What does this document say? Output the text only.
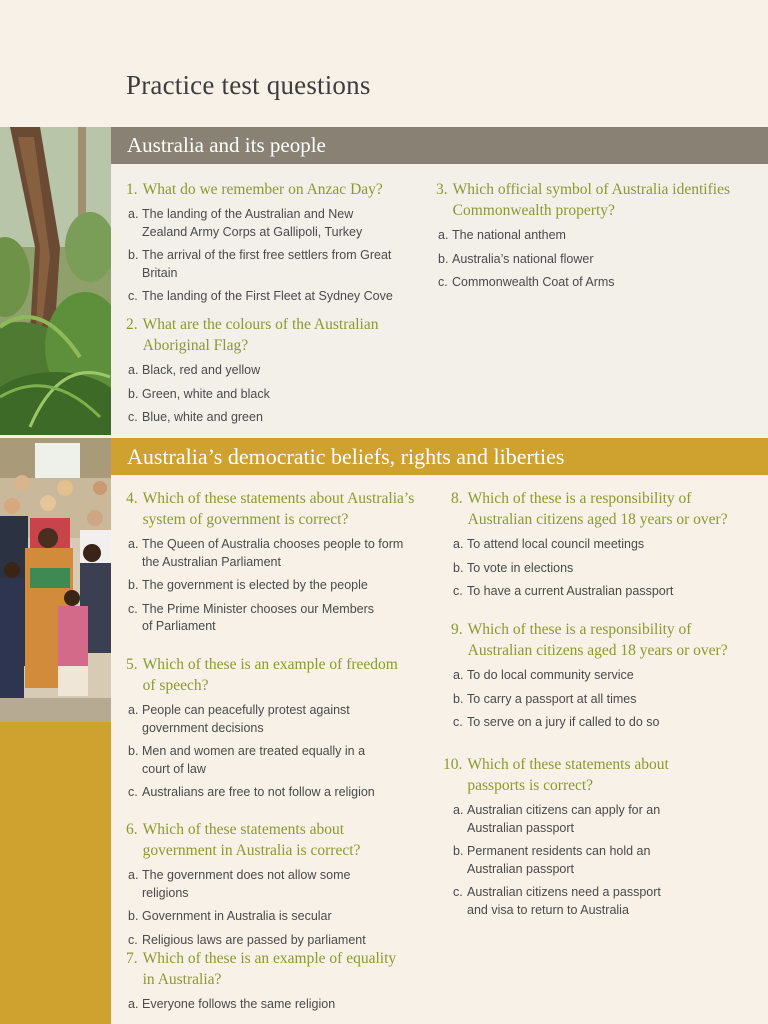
Practice test questions
Australia and its people
Australia’s democratic beliefs, rights and liberties
1. What do we remember on Anzac Day?
a. The landing of the Australian and New Zealand Army Corps at Gallipoli, Turkey
b. The arrival of the first free settlers from Great Britain
c. The landing of the First Fleet at Sydney Cove
2. What are the colours of the Australian Aboriginal Flag?
a. Black, red and yellow
b. Green, white and black
c. Blue, white and green
3. Which official symbol of Australia identifies Commonwealth property?
a. The national anthem
b. Australia’s national flower
c. Commonwealth Coat of Arms
4. Which of these statements about Australia’s system of government is correct?
a. The Queen of Australia chooses people to form the Australian Parliament
b. The government is elected by the people
c. The Prime Minister chooses our Members of Parliament
5. Which of these is an example of freedom of speech?
a. People can peacefully protest against government decisions
b. Men and women are treated equally in a court of law
c. Australians are free to not follow a religion
6. Which of these statements about government in Australia is correct?
a. The government does not allow some religions
b. Government in Australia is secular
c. Religious laws are passed by parliament
7. Which of these is an example of equality in Australia?
a. Everyone follows the same religion
8. Which of these is a responsibility of Australian citizens aged 18 years or over?
a. To attend local council meetings
b. To vote in elections
c. To have a current Australian passport
9. Which of these is a responsibility of Australian citizens aged 18 years or over?
a. To do local community service
b. To carry a passport at all times
c. To serve on a jury if called to do so
10. Which of these statements about passports is correct?
a. Australian citizens can apply for an Australian passport
b. Permanent residents can hold an Australian passport
c. Australian citizens need a passport and visa to return to Australia
